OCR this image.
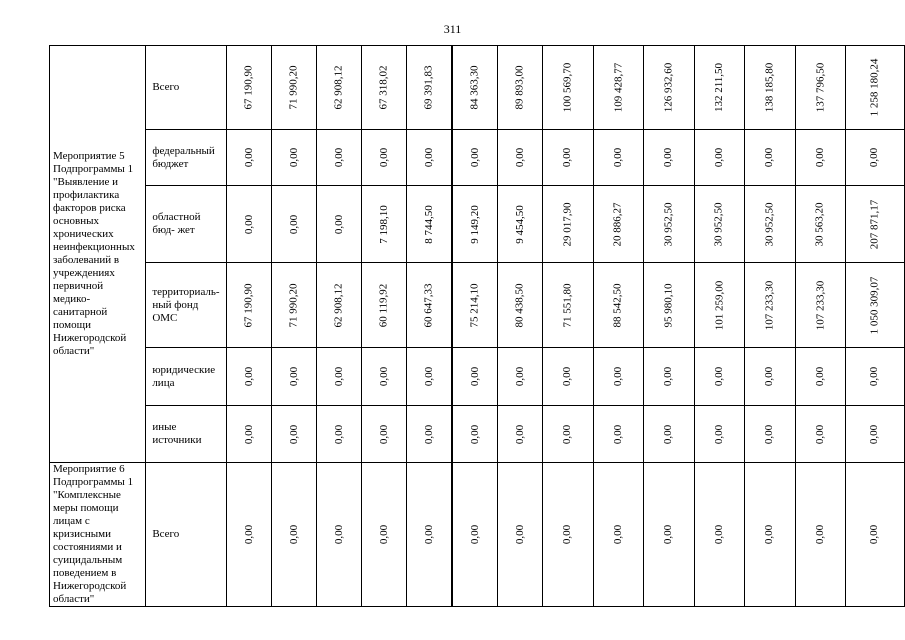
311
Мероприятие 5 Подпрограммы 1 "Выявление и профилактика факторов риска основных хронических неинфекционных заболеваний в учреждениях первичной медико-санитарной помощи Нижегородской области"	Всего	67 190,90	71 990,20	62 908,12	67 318,02	69 391,83	84 363,30	89 893,00	100 569,70	109 428,77	126 932,60	132 211,50	138 185,80	137 796,50	1 258 180,24
	федеральный бюджет	0,00	0,00	0,00	0,00	0,00	0,00	0,00	0,00	0,00	0,00	0,00	0,00	0,00	0,00
	областной бюд- жет	0,00	0,00	0,00	7 198,10	8 744,50	9 149,20	9 454,50	29 017,90	20 886,27	30 952,50	30 952,50	30 952,50	30 563,20	207 871,17
	территориаль- ный фонд ОМС	67 190,90	71 990,20	62 908,12	60 119,92	60 647,33	75 214,10	80 438,50	71 551,80	88 542,50	95 980,10	101 259,00	107 233,30	107 233,30	1 050 309,07
	юридические лица	0,00	0,00	0,00	0,00	0,00	0,00	0,00	0,00	0,00	0,00	0,00	0,00	0,00	0,00
	иные источники	0,00	0,00	0,00	0,00	0,00	0,00	0,00	0,00	0,00	0,00	0,00	0,00	0,00	0,00
Мероприятие 6 Подпрограммы 1 "Комплексные меры помощи лицам с кризисными состояниями и суицидальным поведением в Нижегородской области"	Всего	0,00	0,00	0,00	0,00	0,00	0,00	0,00	0,00	0,00	0,00	0,00	0,00	0,00	0,00
